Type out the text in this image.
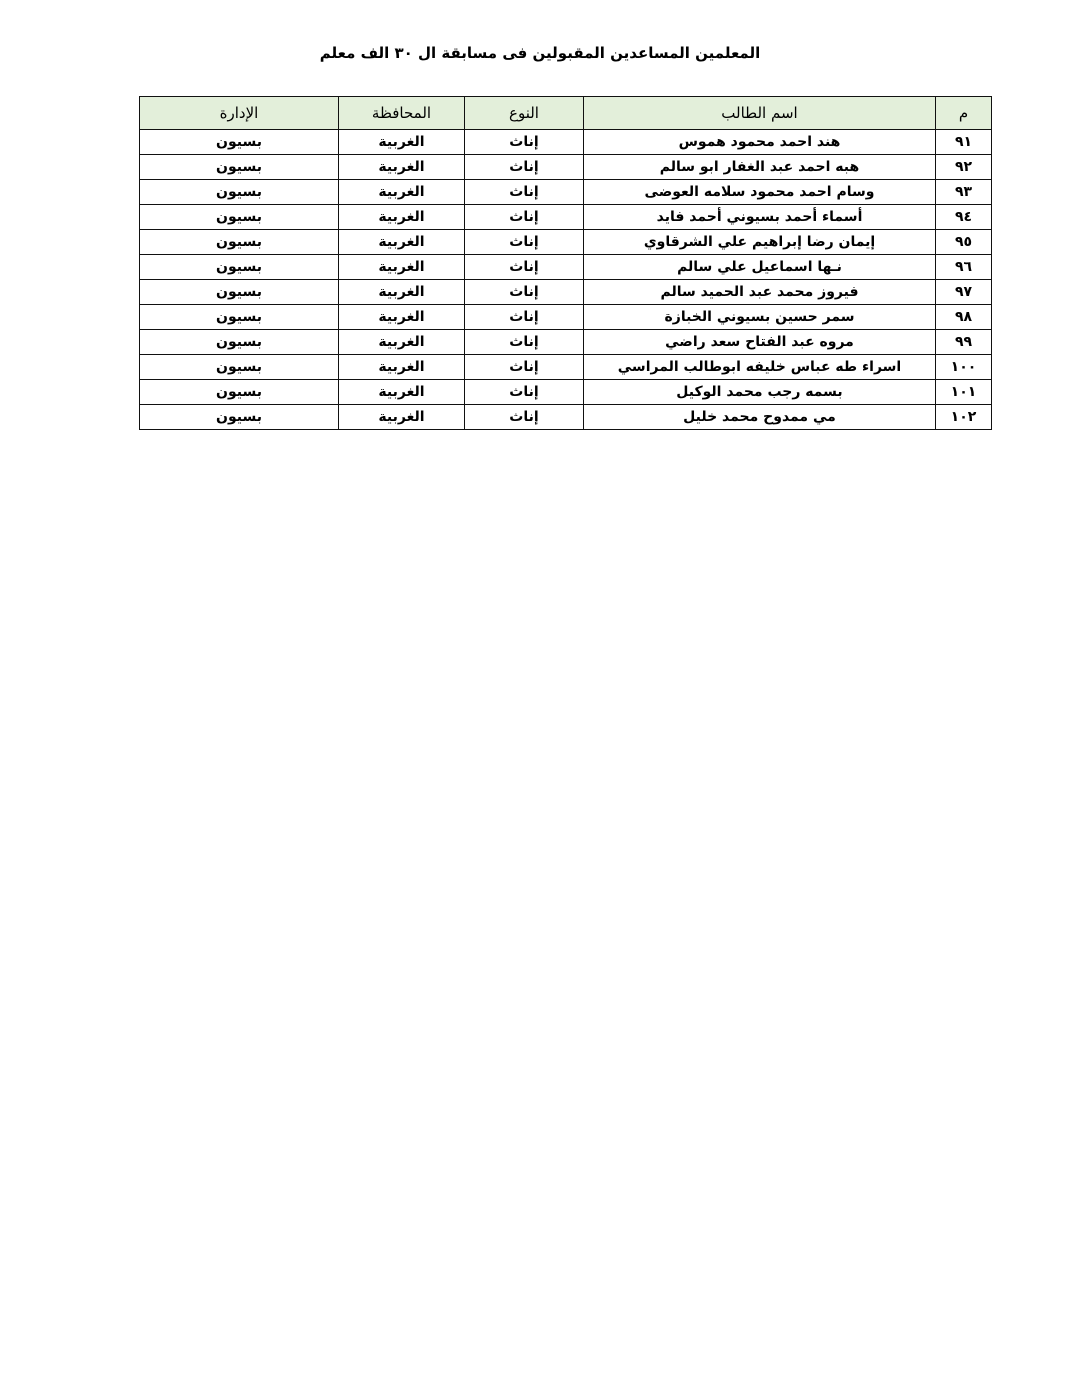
المعلمين المساعدين المقبولين فى مسابقة ال ٣٠ الف معلم
م	اسم الطالب	النوع	المحافظة	الإدارة
٩١	هند احمد محمود هموس	إناث	الغربية	بسيون
٩٢	هبه احمد عبد الغفار ابو سالم	إناث	الغربية	بسيون
٩٣	وسام احمد محمود سلامه العوضى	إناث	الغربية	بسيون
٩٤	أسماء أحمد بسيوني أحمد فايد	إناث	الغربية	بسيون
٩٥	إيمان رضا إبراهيم علي الشرقاوي	إناث	الغربية	بسيون
٩٦	نـها اسماعيل علي سالم	إناث	الغربية	بسيون
٩٧	فيروز محمد عبد الحميد سالم	إناث	الغربية	بسيون
٩٨	سمر حسين بسيوني الخبازة	إناث	الغربية	بسيون
٩٩	مروه عبد الفتاح سعد راضي	إناث	الغربية	بسيون
١٠٠	اسراء طه عباس خليفه ابوطالب المراسي	إناث	الغربية	بسيون
١٠١	بسمه رجب محمد الوكيل	إناث	الغربية	بسيون
١٠٢	مي ممدوح محمد خليل	إناث	الغربية	بسيون
